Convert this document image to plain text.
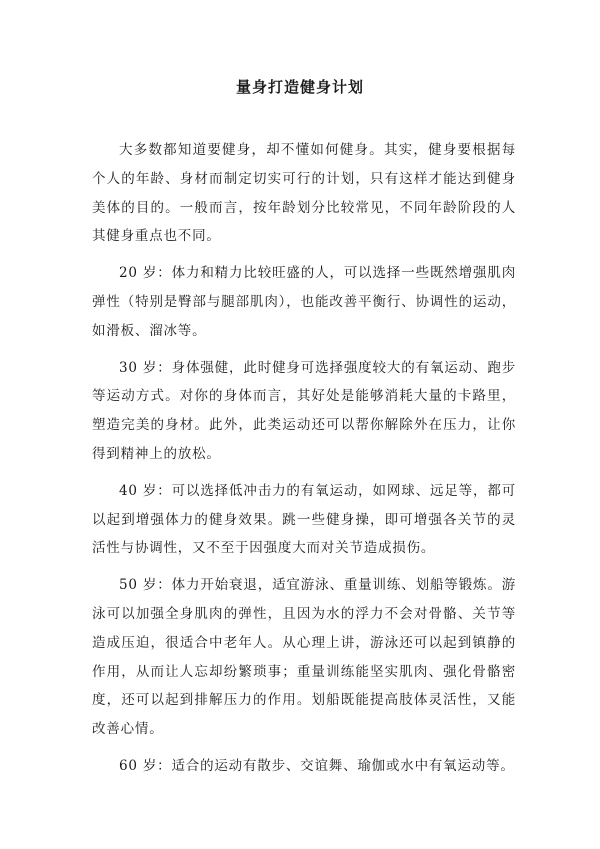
量身打造健身计划

大多数都知道要健身，却不懂如何健身。其实，健身要根据每个人的年龄、身材而制定切实可行的计划，只有这样才能达到健身美体的目的。一般而言，按年龄划分比较常见，不同年龄阶段的人其健身重点也不同。

20 岁：体力和精力比较旺盛的人，可以选择一些既然增强肌肉弹性（特别是臀部与腿部肌肉），也能改善平衡行、协调性的运动，如滑板、溜冰等。

30 岁：身体强健，此时健身可选择强度较大的有氧运动、跑步等运动方式。对你的身体而言，其好处是能够消耗大量的卡路里，塑造完美的身材。此外，此类运动还可以帮你解除外在压力，让你得到精神上的放松。

40 岁：可以选择低冲击力的有氧运动，如网球、远足等，都可以起到增强体力的健身效果。跳一些健身操，即可增强各关节的灵活性与协调性，又不至于因强度大而对关节造成损伤。

50 岁：体力开始衰退，适宜游泳、重量训练、划船等锻炼。游泳可以加强全身肌肉的弹性，且因为水的浮力不会对骨骼、关节等造成压迫，很适合中老年人。从心理上讲，游泳还可以起到镇静的作用，从而让人忘却纷繁琐事；重量训练能坚实肌肉、强化骨骼密度，还可以起到排解压力的作用。划船既能提高肢体灵活性，又能改善心情。

60 岁：适合的运动有散步、交谊舞、瑜伽或水中有氧运动等。
